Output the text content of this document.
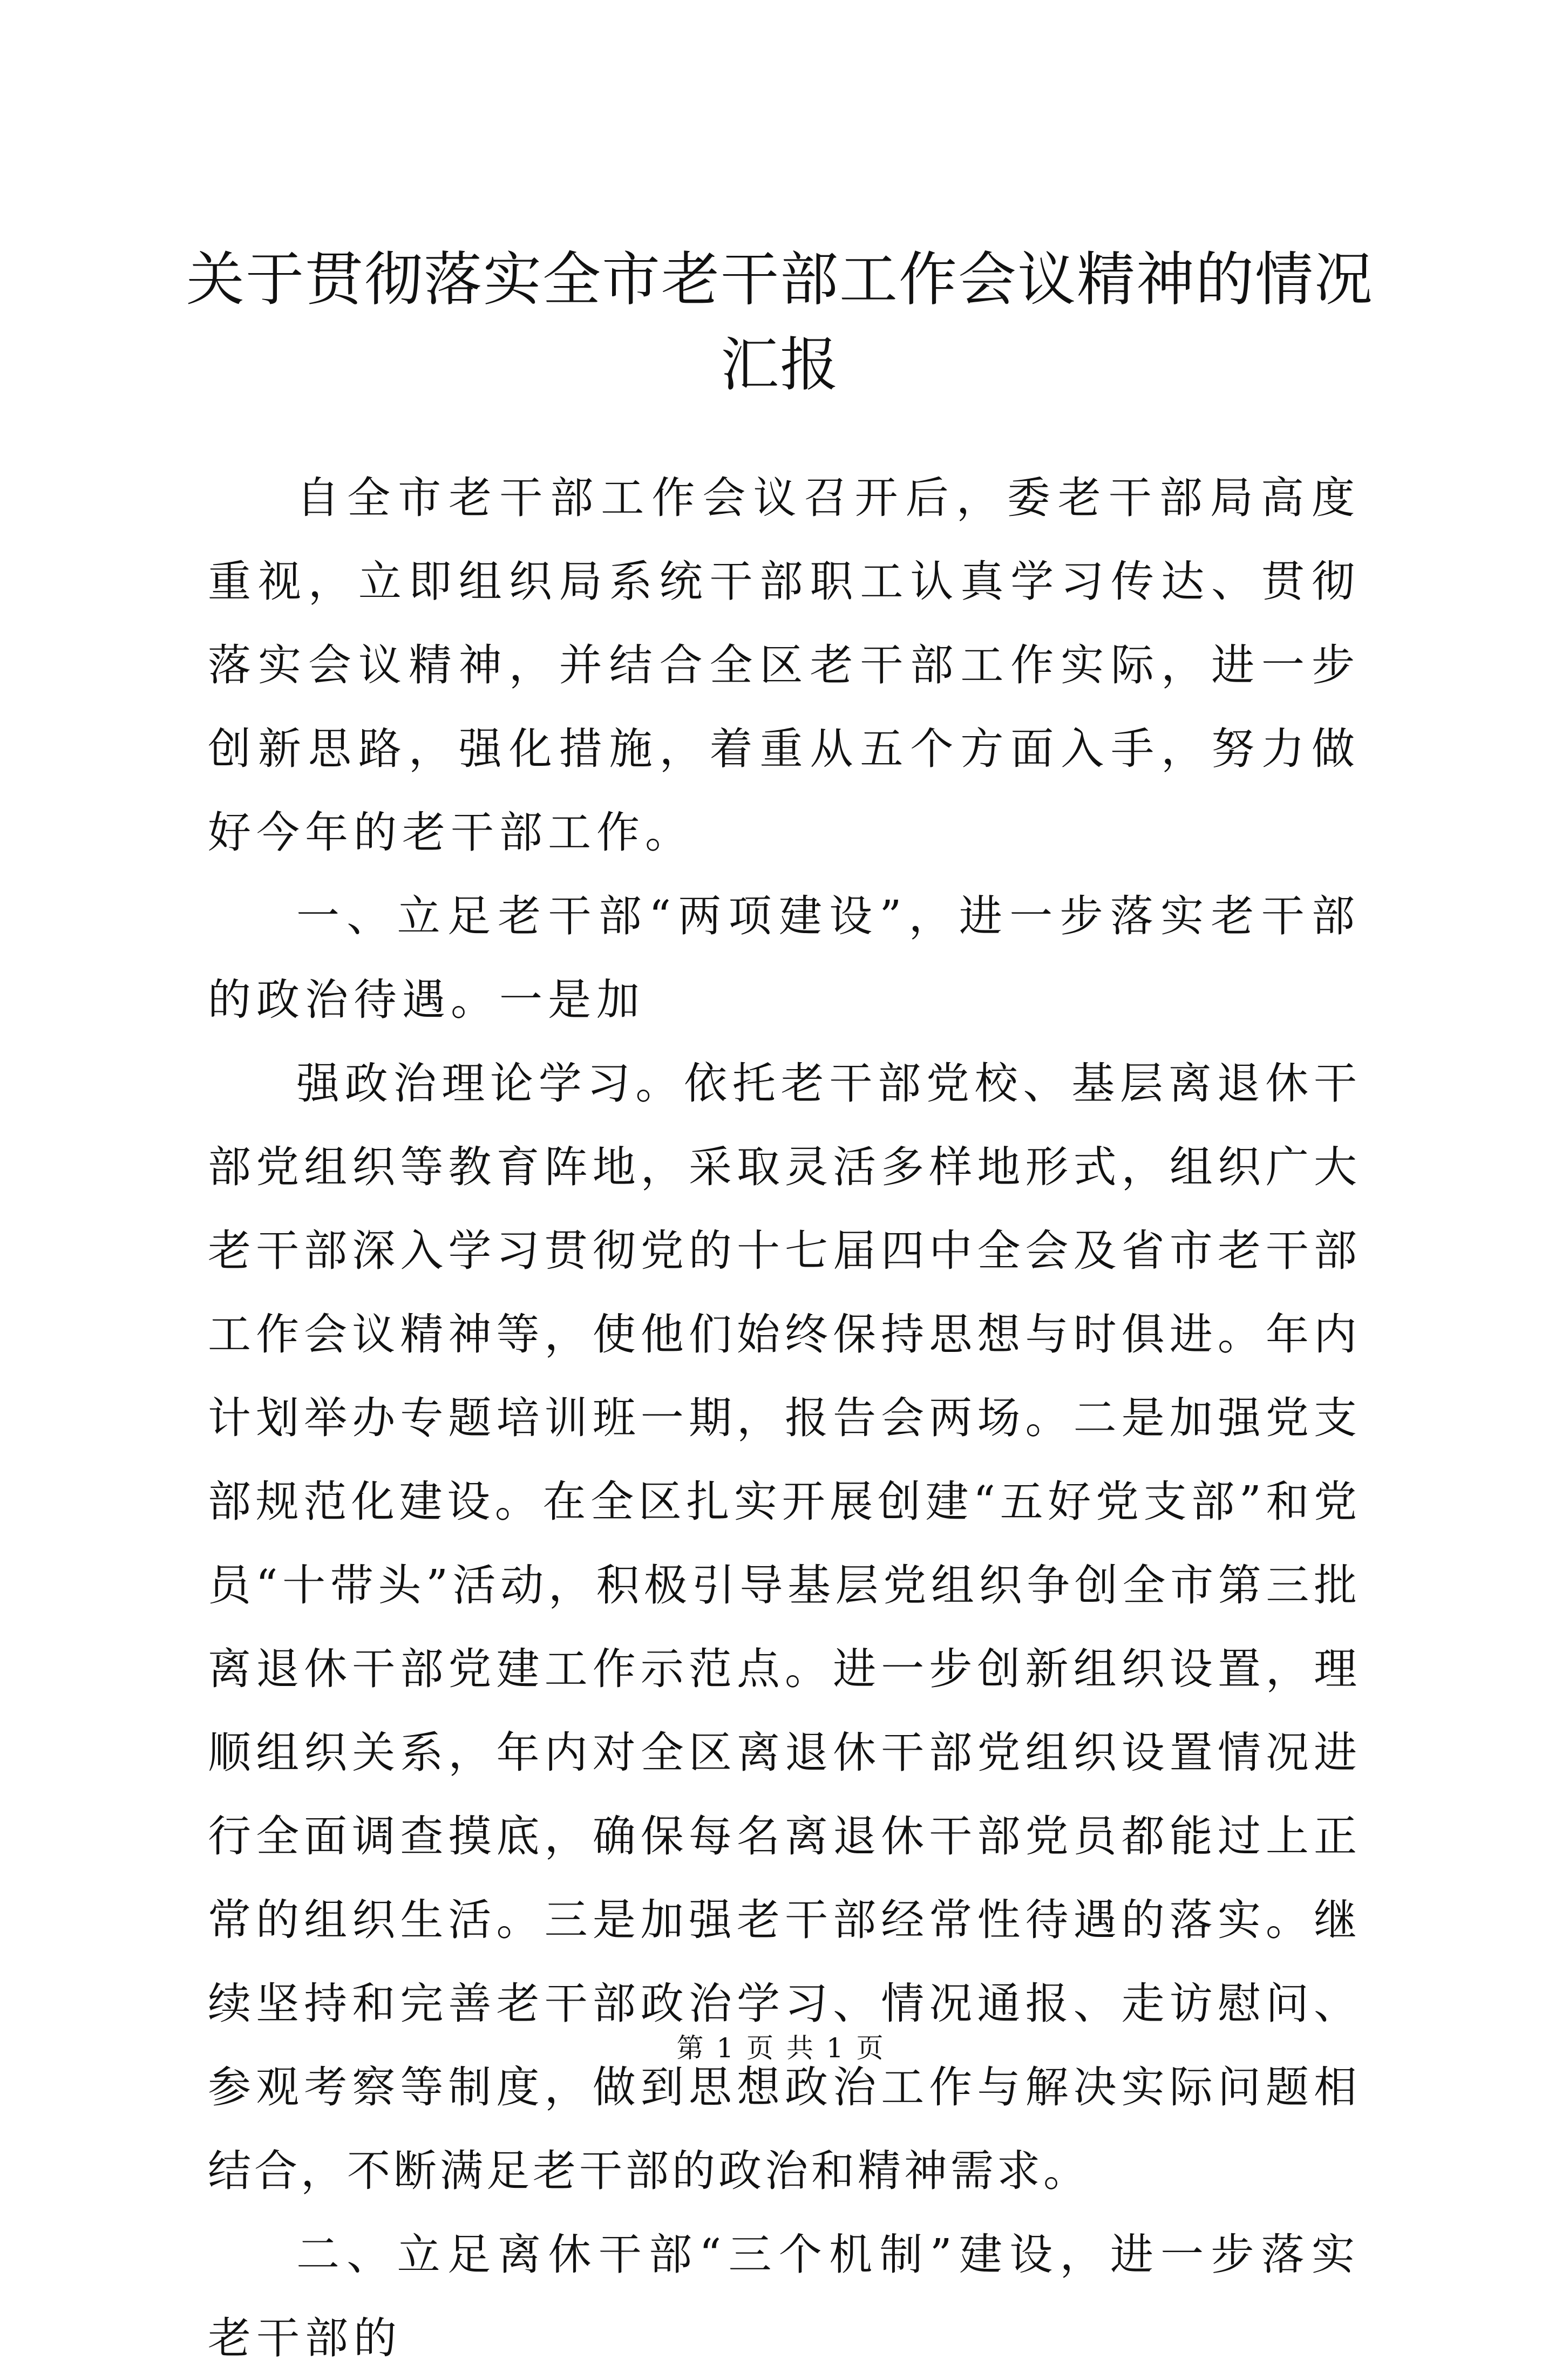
关于贯彻落实全市老干部工作会议精神的情况
汇报

自全市老干部工作会议召开后，委老干部局高度重视，立即组织局系统干部职工认真学习传达、贯彻落实会议精神，并结合全区老干部工作实际，进一步创新思路，强化措施，着重从五个方面入手，努力做好今年的老干部工作。

一、立足老干部“两项建设”，进一步落实老干部的政治待遇。一是加

强政治理论学习。依托老干部党校、基层离退休干部党组织等教育阵地，采取灵活多样地形式，组织广大老干部深入学习贯彻党的十七届四中全会及省市老干部工作会议精神等，使他们始终保持思想与时俱进。年内计划举办专题培训班一期，报告会两场。二是加强党支部规范化建设。在全区扎实开展创建“五好党支部”和党员“十带头”活动，积极引导基层党组织争创全市第三批离退休干部党建工作示范点。进一步创新组织设置，理顺组织关系，年内对全区离退休干部党组织设置情况进行全面调查摸底，确保每名离退休干部党员都能过上正常的组织生活。三是加强老干部经常性待遇的落实。继续坚持和完善老干部政治学习、情况通报、走访慰问、参观考察等制度，做到思想政治工作与解决实际问题相结合，不断满足老干部的政治和精神需求。

二、立足离休干部“三个机制”建设，进一步落实老干部的

第 1 页 共 1 页
